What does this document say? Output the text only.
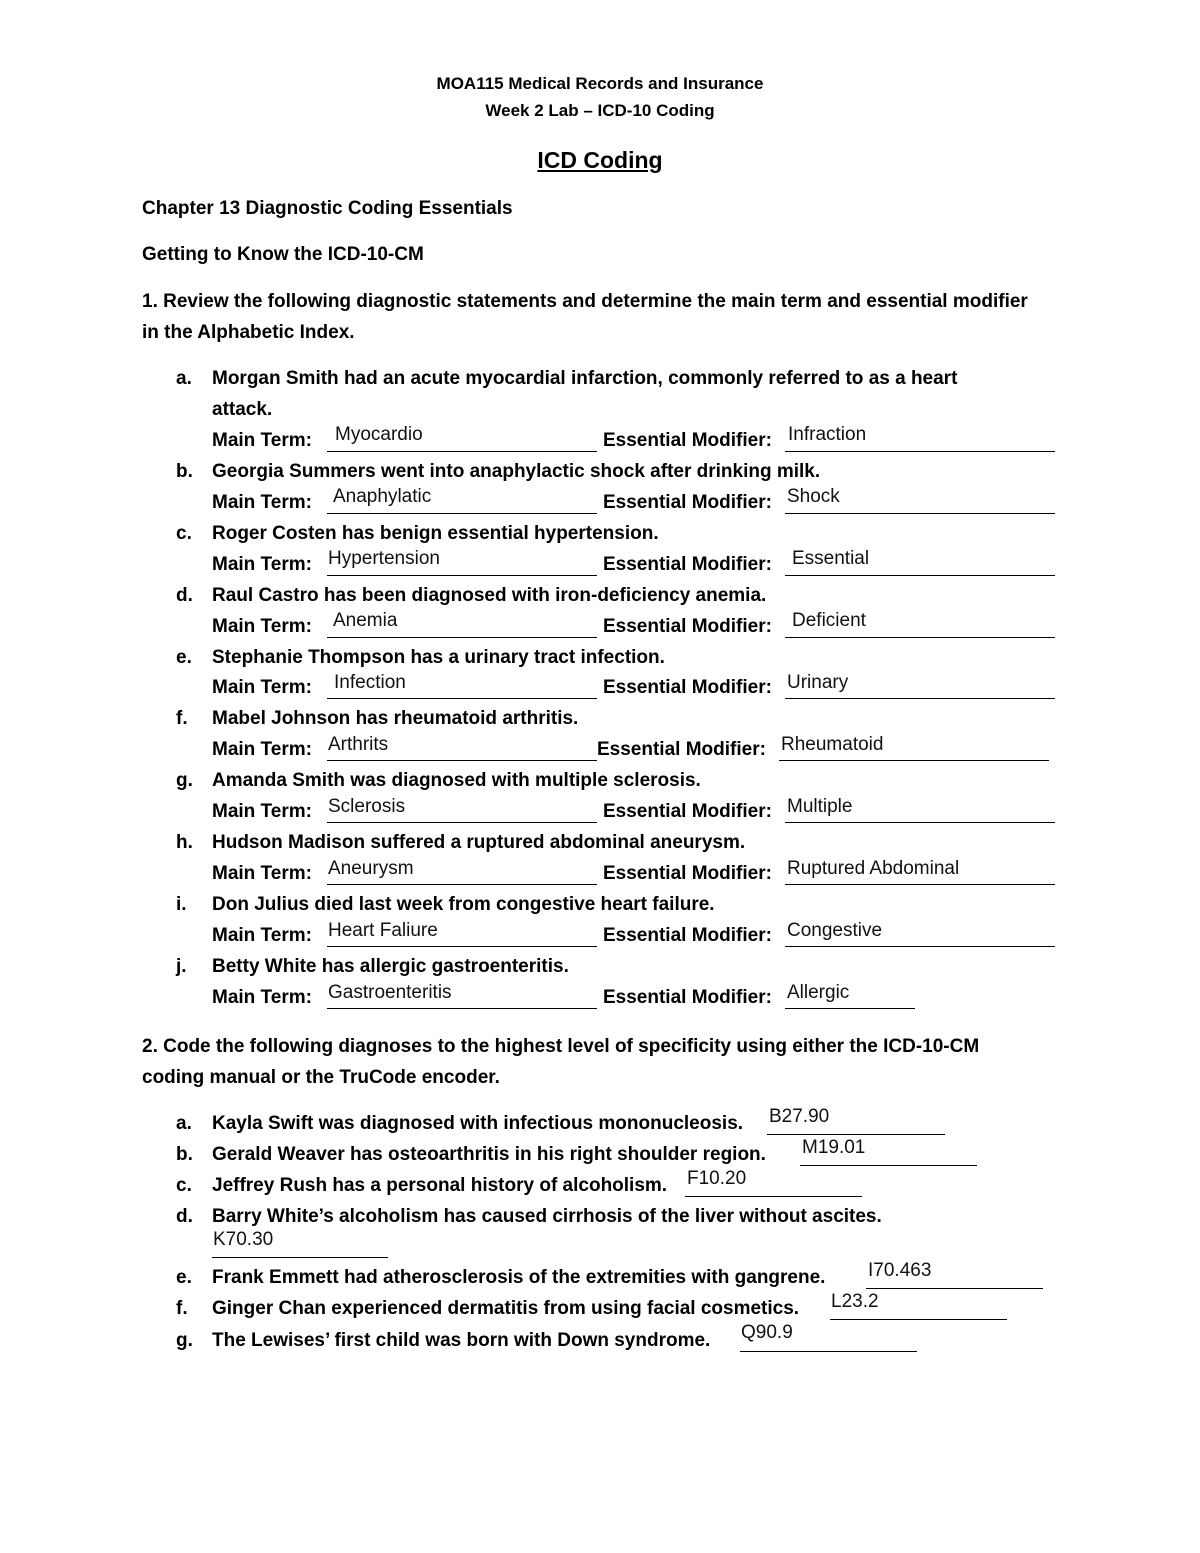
MOA115 Medical Records and Insurance
Week 2 Lab – ICD-10 Coding
ICD Coding
Chapter 13 Diagnostic Coding Essentials
Getting to Know the ICD-10-CM
1. Review the following diagnostic statements and determine the main term and essential modifier in the Alphabetic Index.
a. Morgan Smith had an acute myocardial infarction, commonly referred to as a heart
attack.
Main Term: Myocardio	Essential Modifier: Infraction
b. Georgia Summers went into anaphylactic shock after drinking milk.
Main Term: Anaphylatic	Essential Modifier: Shock
c. Roger Costen has benign essential hypertension.
Main Term: Hypertension	Essential Modifier: Essential
d. Raul Castro has been diagnosed with iron-deficiency anemia.
Main Term: Anemia	Essential Modifier: Deficient
e. Stephanie Thompson has a urinary tract infection.
Main Term: Infection	Essential Modifier: Urinary
f. Mabel Johnson has rheumatoid arthritis.
Main Term: Arthrits	Essential Modifier: Rheumatoid
g. Amanda Smith was diagnosed with multiple sclerosis.
Main Term: Sclerosis	Essential Modifier: Multiple
h. Hudson Madison suffered a ruptured abdominal aneurysm.
Main Term: Aneurysm	Essential Modifier: Ruptured Abdominal
i. Don Julius died last week from congestive heart failure.
Main Term: Heart Faliure	Essential Modifier: Congestive
j. Betty White has allergic gastroenteritis.
Main Term: Gastroenteritis	Essential Modifier: Allergic
2. Code the following diagnoses to the highest level of specificity using either the ICD-10-CM coding manual or the TruCode encoder.
a. Kayla Swift was diagnosed with infectious mononucleosis. B27.90
b. Gerald Weaver has osteoarthritis in his right shoulder region. M19.01
c. Jeffrey Rush has a personal history of alcoholism. F10.20
d. Barry White’s alcoholism has caused cirrhosis of the liver without ascites.
K70.30
e. Frank Emmett had atherosclerosis of the extremities with gangrene. I70.463
f. Ginger Chan experienced dermatitis from using facial cosmetics. L23.2
g. The Lewises’ first child was born with Down syndrome. Q90.9
